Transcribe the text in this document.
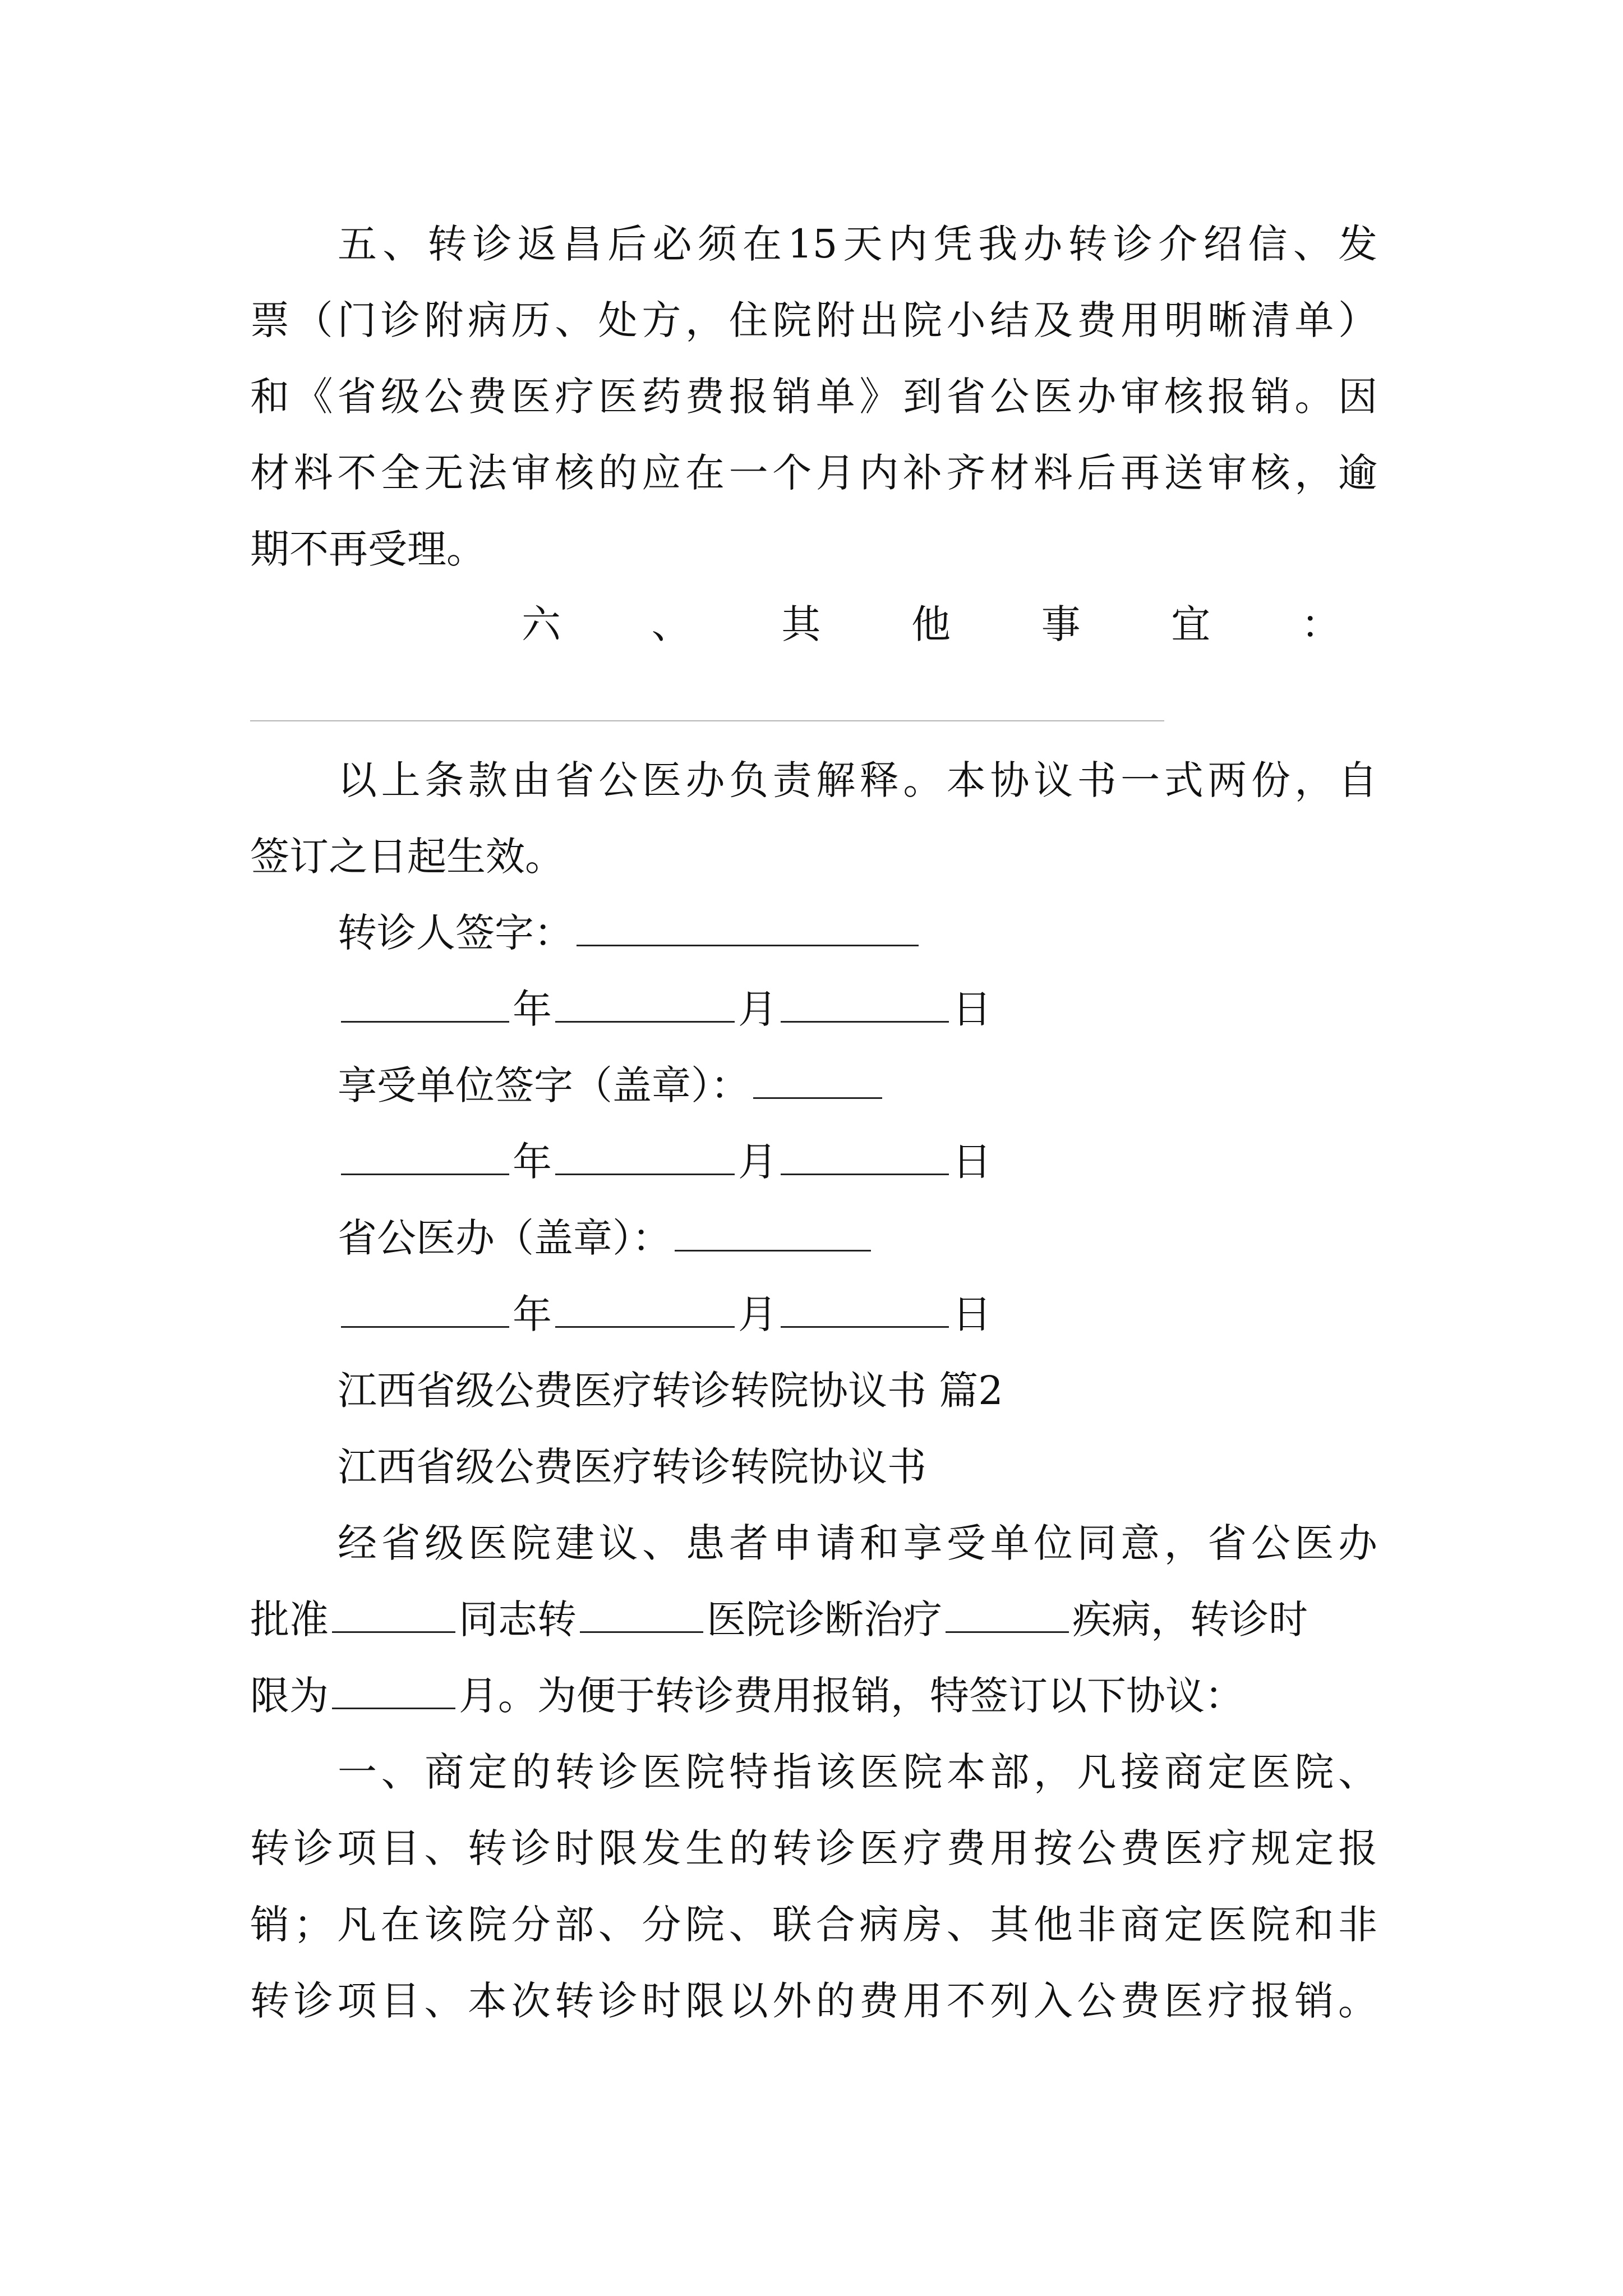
五、转诊返昌后必须在15天内凭我办转诊介绍信、发
票（门诊附病历、处方，住院附出院小结及费用明晰清单）
和《省级公费医疗医药费报销单》到省公医办审核报销。因
材料不全无法审核的应在一个月内补齐材料后再送审核，逾
期不再受理。
六 、 其 他 事 宜 ：
以上条款由省公医办负责解释。本协议书一式两份，自
签订之日起生效。
转诊人签字：
年	月	日
享受单位签字（盖章）：
年	月	日
省公医办（盖章）：
年	月	日
江西省级公费医疗转诊转院协议书 篇2
江西省级公费医疗转诊转院协议书
经省级医院建议、患者申请和享受单位同意，省公医办
批准	同志转	医院诊断治疗	疾病，转诊时
限为	月。为便于转诊费用报销，特签订以下协议：
一、商定的转诊医院特指该医院本部，凡接商定医院、
转诊项目、转诊时限发生的转诊医疗费用按公费医疗规定报
销；凡在该院分部、分院、联合病房、其他非商定医院和非
转诊项目、本次转诊时限以外的费用不列入公费医疗报销。
